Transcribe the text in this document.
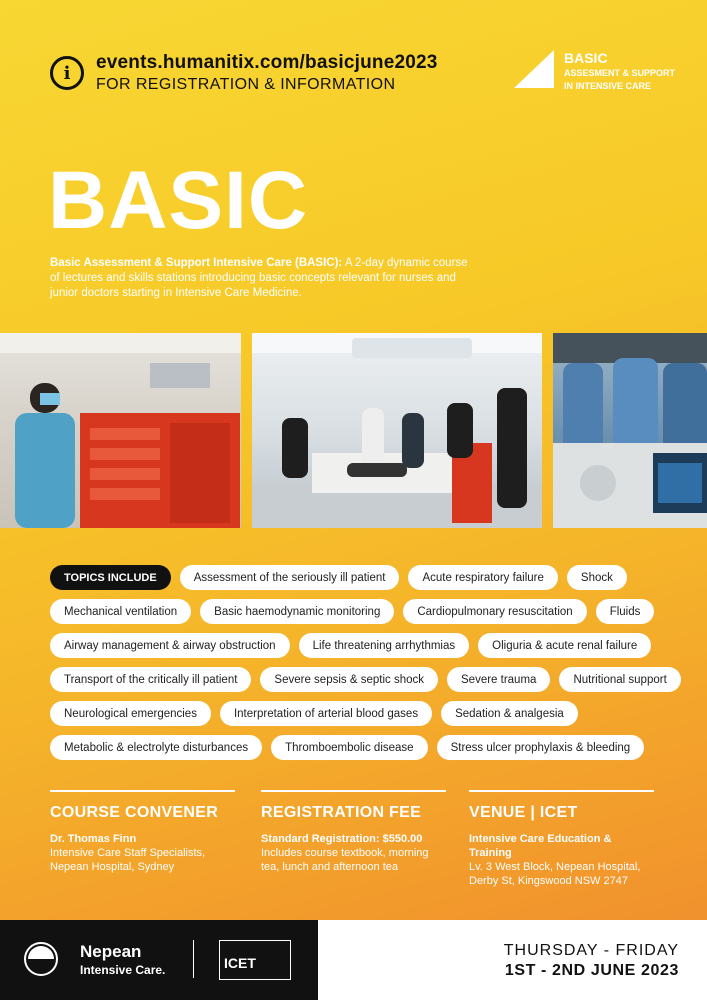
i	events.humanitix.com/basicjune2023
FOR REGISTRATION & INFORMATION
BASIC
ASSESMENT & SUPPORT
IN INTENSIVE CARE
BASIC
Basic Assessment & Support Intensive Care (BASIC): A 2-day dynamic course of lectures and skills stations introducing basic concepts relevant for nurses and junior doctors starting in Intensive Care Medicine.
TOPICS INCLUDE	Assessment of the seriously ill patient	Acute respiratory failure	Shock
Mechanical ventilation	Basic haemodynamic monitoring	Cardiopulmonary resuscitation	Fluids
Airway management & airway obstruction	Life threatening arrhythmias	Oliguria & acute renal failure
Transport of the critically ill patient	Severe sepsis & septic shock	Severe trauma	Nutritional support
Neurological emergencies	Interpretation of arterial blood gases	Sedation & analgesia
Metabolic & electrolyte disturbances	Thromboembolic disease	Stress ulcer prophylaxis & bleeding
COURSE CONVENER
Dr. Thomas Finn
Intensive Care Staff Specialists,
Nepean Hospital, Sydney
REGISTRATION FEE
Standard Registration: $550.00
Includes course textbook, morning
tea, lunch and afternoon tea
VENUE | ICET
Intensive Care Education & Training
Lv. 3 West Block, Nepean Hospital,
Derby St, Kingswood NSW 2747
Nepean
Intensive Care.	ICET
THURSDAY - FRIDAY
1ST - 2ND JUNE 2023
